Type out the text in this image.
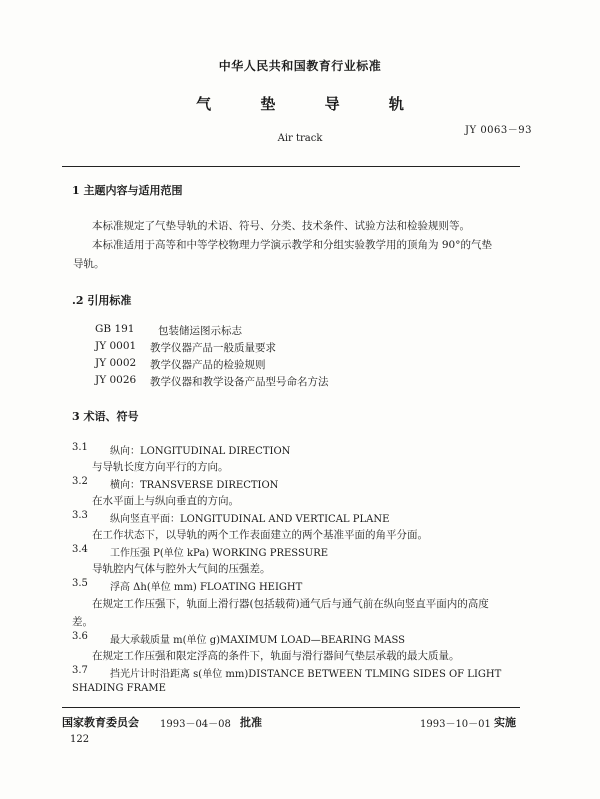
中华人民共和国教育行业标准
气 垫 导 轨
JY 0063－93
Air track
1 主题内容与适用范围
本标准规定了气垫导轨的术语、符号、分类、技术条件、试验方法和检验规则等。
本标准适用于高等和中等学校物理力学演示教学和分组实验教学用的顶角为 90°的气垫
导轨。
.2 引用标准
GB 191 包装储运图示标志
JY 0001 教学仪器产品一般质量要求
JY 0002 教学仪器产品的检验规则
JY 0026 教学仪器和教学设备产品型号命名方法
3 术语、符号
3.1 纵向：LONGITUDINAL DIRECTION
与导轨长度方向平行的方向。
3.2 横向：TRANSVERSE DIRECTION
在水平面上与纵向垂直的方向。
3.3 纵向竖直平面：LONGITUDINAL AND VERTICAL PLANE
在工作状态下，以导轨的两个工作表面建立的两个基准平面的角平分面。
3.4 工作压强 P(单位 kPa) WORKING PRESSURE
导轨腔内气体与腔外大气间的压强差。
3.5 浮高 Δh(单位 mm) FLOATING HEIGHT
在规定工作压强下，轨面上滑行器(包括载荷)通气后与通气前在纵向竖直平面内的高度
差。
3.6 最大承载质量 m(单位 g)MAXIMUM LOAD—BEARING MASS
在规定工作压强和限定浮高的条件下，轨面与滑行器间气垫层承载的最大质量。
3.7 挡光片计时沿距离 s(单位 mm)DISTANCE BETWEEN TLMING SIDES OF LIGHT
SHADING FRAME
国家教育委员会 1993－04－08 批准	1993－10－01 实施
122
